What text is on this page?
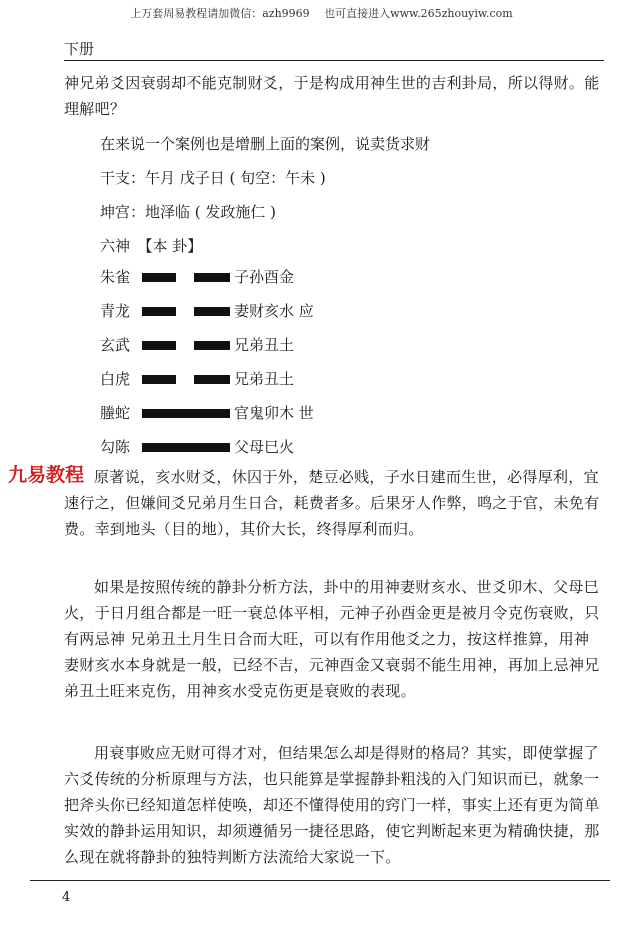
上万套周易教程请加微信：azh9969　 也可直接进入www.265zhouyiw.com
下册
神兄弟爻因衰弱却不能克制财爻，于是构成用神生世的吉利卦局，所以得财。能理解吧？
在来说一个案例也是增删上面的案例，说卖货求财
干支：午月 戊子日 ( 旬空：午未 )
坤宫：地泽临 ( 发政施仁 )
六神　【本 卦】
朱雀	子孙酉金
青龙	妻财亥水 应
玄武	兄弟丑土
白虎	兄弟丑土
螣蛇	官鬼卯木 世
勾陈	父母巳火
原著说，亥水财爻，休囚于外，楚豆必贱，子水日建而生世，必得厚利，宜速行之，但嫌间爻兄弟月生日合，耗费者多。后果牙人作弊，鸣之于官，未免有费。幸到地头（目的地），其价大长，终得厚利而归。
九易教程
如果是按照传统的静卦分析方法，卦中的用神妻财亥水、世爻卯木、父母巳火，于日月组合都是一旺一衰总体平相，元神子孙酉金更是被月令克伤衰败，只有两忌神 兄弟丑土月生日合而大旺，可以有作用他爻之力，按这样推算，用神妻财亥水本身就是一般，已经不吉，元神酉金又衰弱不能生用神，再加上忌神兄弟丑土旺来克伤，用神亥水受克伤更是衰败的表现。
用衰事败应无财可得才对，但结果怎么却是得财的格局？其实，即使掌握了六爻传统的分析原理与方法，也只能算是掌握静卦粗浅的入门知识而已，就象一把斧头你已经知道怎样使唤，却还不懂得使用的窍门一样，事实上还有更为简单实效的静卦运用知识，却须遵循另一捷径思路，使它判断起来更为精确快捷，那么现在就将静卦的独特判断方法流给大家说一下。
4
